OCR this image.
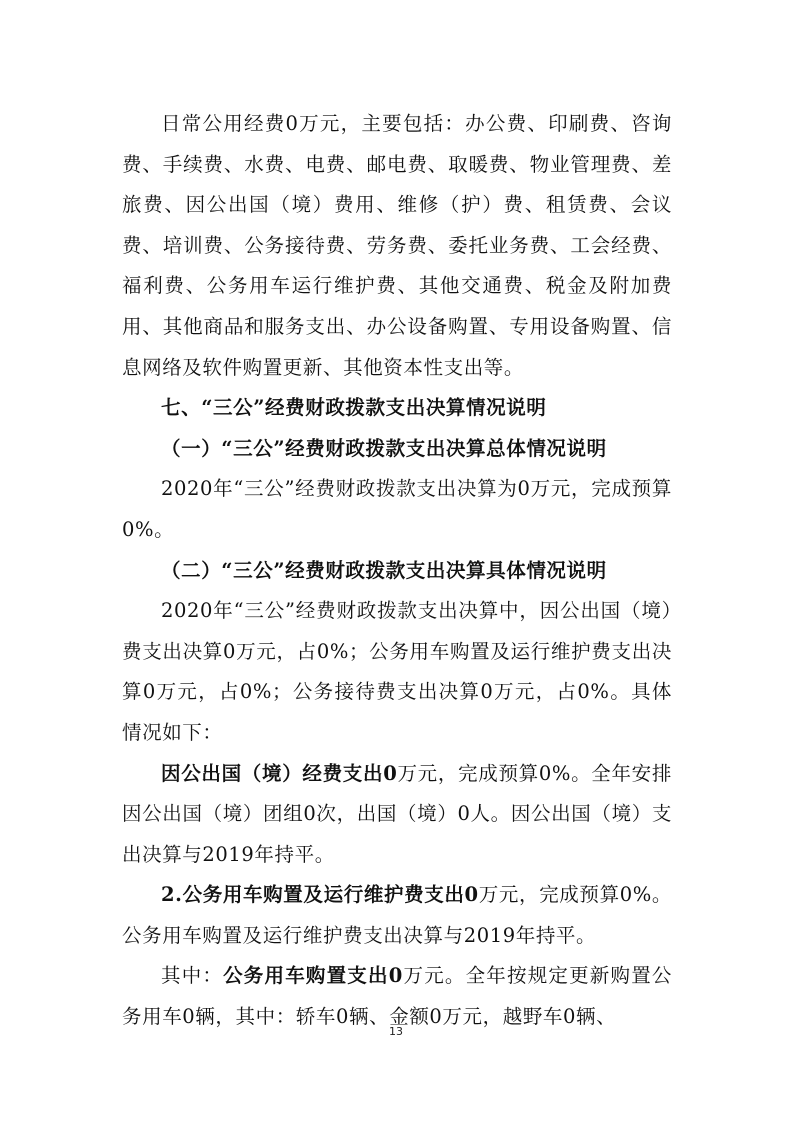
日常公用经费0万元，主要包括：办公费、印刷费、咨询费、手续费、水费、电费、邮电费、取暖费、物业管理费、差旅费、因公出国（境）费用、维修（护）费、租赁费、会议费、培训费、公务接待费、劳务费、委托业务费、工会经费、福利费、公务用车运行维护费、其他交通费、税金及附加费用、其他商品和服务支出、办公设备购置、专用设备购置、信息网络及软件购置更新、其他资本性支出等。

七、“三公”经费财政拨款支出决算情况说明

（一）“三公”经费财政拨款支出决算总体情况说明

2020年“三公”经费财政拨款支出决算为0万元，完成预算0%。

（二）“三公”经费财政拨款支出决算具体情况说明

2020年“三公”经费财政拨款支出决算中，因公出国（境）费支出决算0万元，占0%；公务用车购置及运行维护费支出决算0万元，占0%；公务接待费支出决算0万元，占0%。具体情况如下：

因公出国（境）经费支出0万元，完成预算0%。全年安排因公出国（境）团组0次，出国（境）0人。因公出国（境）支出决算与2019年持平。

2.公务用车购置及运行维护费支出0万元，完成预算0%。公务用车购置及运行维护费支出决算与2019年持平。

其中：公务用车购置支出0万元。全年按规定更新购置公务用车0辆，其中：轿车0辆、金额0万元，越野车0辆、

13
